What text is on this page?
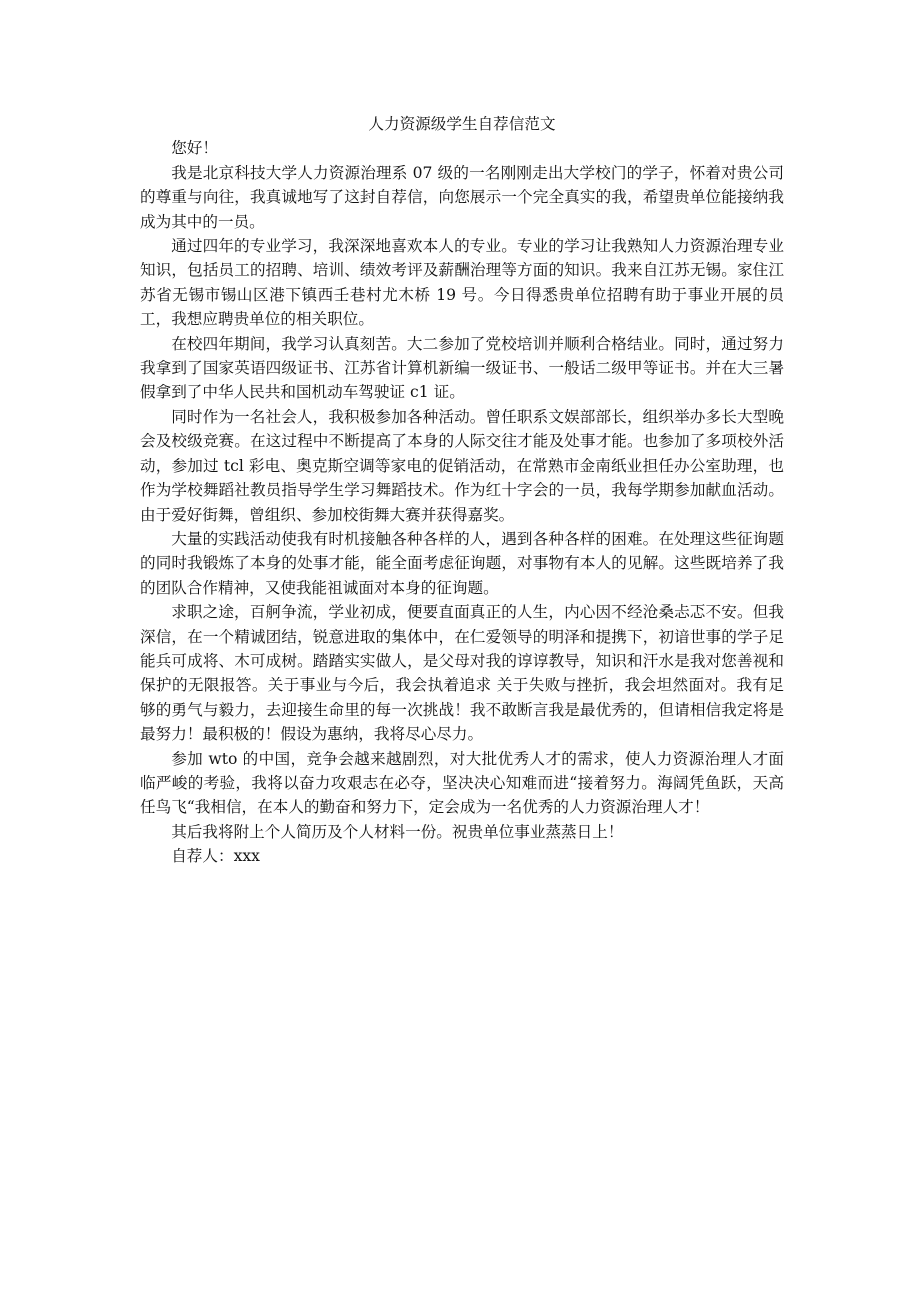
人力资源级学生自荐信范文

您好！

我是北京科技大学人力资源治理系 07 级的一名刚刚走出大学校门的学子，怀着对贵公司的尊重与向往，我真诚地写了这封自荐信，向您展示一个完全真实的我，希望贵单位能接纳我成为其中的一员。

通过四年的专业学习，我深深地喜欢本人的专业。专业的学习让我熟知人力资源治理专业知识，包括员工的招聘、培训、绩效考评及薪酬治理等方面的知识。我来自江苏无锡。家住江苏省无锡市锡山区港下镇西壬巷村尤木桥 19 号。今日得悉贵单位招聘有助于事业开展的员工，我想应聘贵单位的相关职位。

在校四年期间，我学习认真刻苦。大二参加了党校培训并顺利合格结业。同时，通过努力我拿到了国家英语四级证书、江苏省计算机新编一级证书、一般话二级甲等证书。并在大三暑假拿到了中华人民共和国机动车驾驶证 c1 证。

同时作为一名社会人，我积极参加各种活动。曾任职系文娱部部长，组织举办多长大型晚会及校级竞赛。在这过程中不断提高了本身的人际交往才能及处事才能。也参加了多项校外活动，参加过 tcl 彩电、奥克斯空调等家电的促销活动，在常熟市金南纸业担任办公室助理，也作为学校舞蹈社教员指导学生学习舞蹈技术。作为红十字会的一员，我每学期参加献血活动。由于爱好街舞，曾组织、参加校街舞大赛并获得嘉奖。

大量的实践活动使我有时机接触各种各样的人，遇到各种各样的困难。在处理这些征询题的同时我锻炼了本身的处事才能，能全面考虑征询题，对事物有本人的见解。这些既培养了我的团队合作精神，又使我能祖诚面对本身的征询题。

求职之途，百舸争流，学业初成，便要直面真正的人生，内心因不经沧桑忐忑不安。但我深信，在一个精诚团结，锐意进取的集体中，在仁爱领导的明泽和提携下，初谙世事的学子足能兵可成将、木可成树。踏踏实实做人，是父母对我的谆谆教导，知识和汗水是我对您善视和保护的无限报答。关于事业与今后，我会执着追求 关于失败与挫折，我会坦然面对。我有足够的勇气与毅力，去迎接生命里的每一次挑战！我不敢断言我是最优秀的，但请相信我定将是最努力！最积极的！假设为惠纳，我将尽心尽力。

参加 wto 的中国，竞争会越来越剧烈，对大批优秀人才的需求，使人力资源治理人才面临严峻的考验，我将以奋力攻艰志在必夺，坚决决心知难而进“接着努力。海阔凭鱼跃，天高任鸟飞“我相信，在本人的勤奋和努力下，定会成为一名优秀的人力资源治理人才！

其后我将附上个人简历及个人材料一份。祝贵单位事业蒸蒸日上！

自荐人：xxx
